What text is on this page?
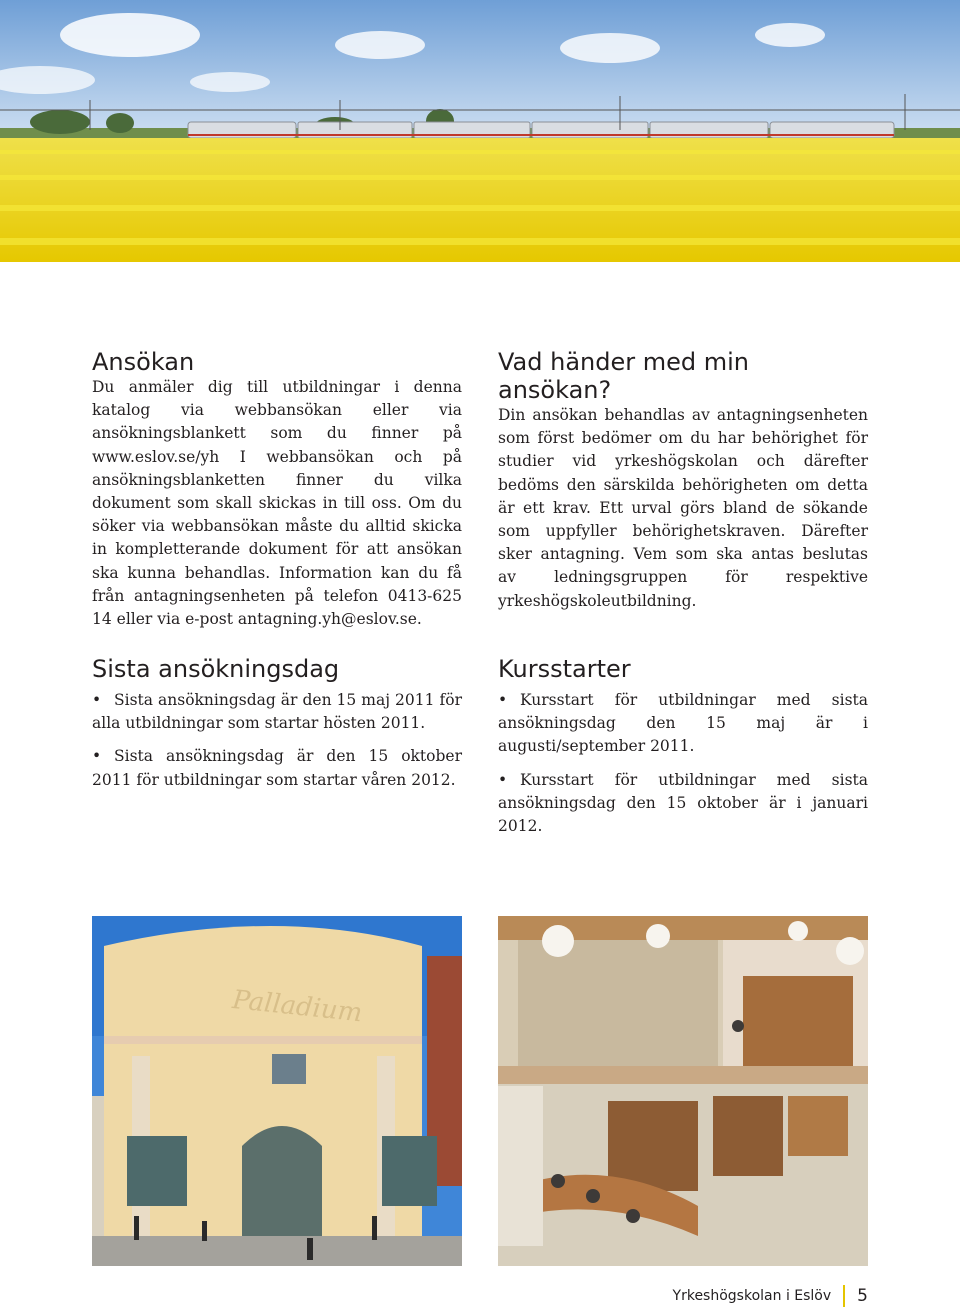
Ansökan

Du anmäler dig till utbildningar i denna katalog via webbansökan eller via ansökningsblankett som du finner på www.eslov.se/yh I webbansökan och på ansökningsblanketten finner du vilka dokument som skall skickas in till oss. Om du söker via webbansökan måste du alltid skicka in kompletterande dokument för att ansökan ska kunna behandlas. Information kan du få från antagningsenheten på telefon 0413-625 14 eller via e-post antagning.yh@eslov.se.

Vad händer med min ansökan?

Din ansökan behandlas av antagningsenheten som först bedömer om du har behörighet för studier vid yrkeshögskolan och därefter bedöms den särskilda behörigheten om detta är ett krav. Ett urval görs bland de sökande som uppfyller behörighetskraven. Därefter sker antagning. Vem som ska antas beslutas av ledningsgruppen för respektive yrkeshögskoleutbildning.

Sista ansökningsdag
• Sista ansökningsdag är den 15 maj 2011 för alla utbildningar som startar hösten 2011.
• Sista ansökningsdag är den 15 oktober 2011 för utbildningar som startar våren 2012.
Kursstarter
• Kursstart för utbildningar med sista ansökningsdag den 15 maj är i augusti/september 2011.
• Kursstart för utbildningar med sista ansökningsdag den 15 oktober är i januari 2012.
Palladium
Yrkeshögskolan i Eslöv 5
